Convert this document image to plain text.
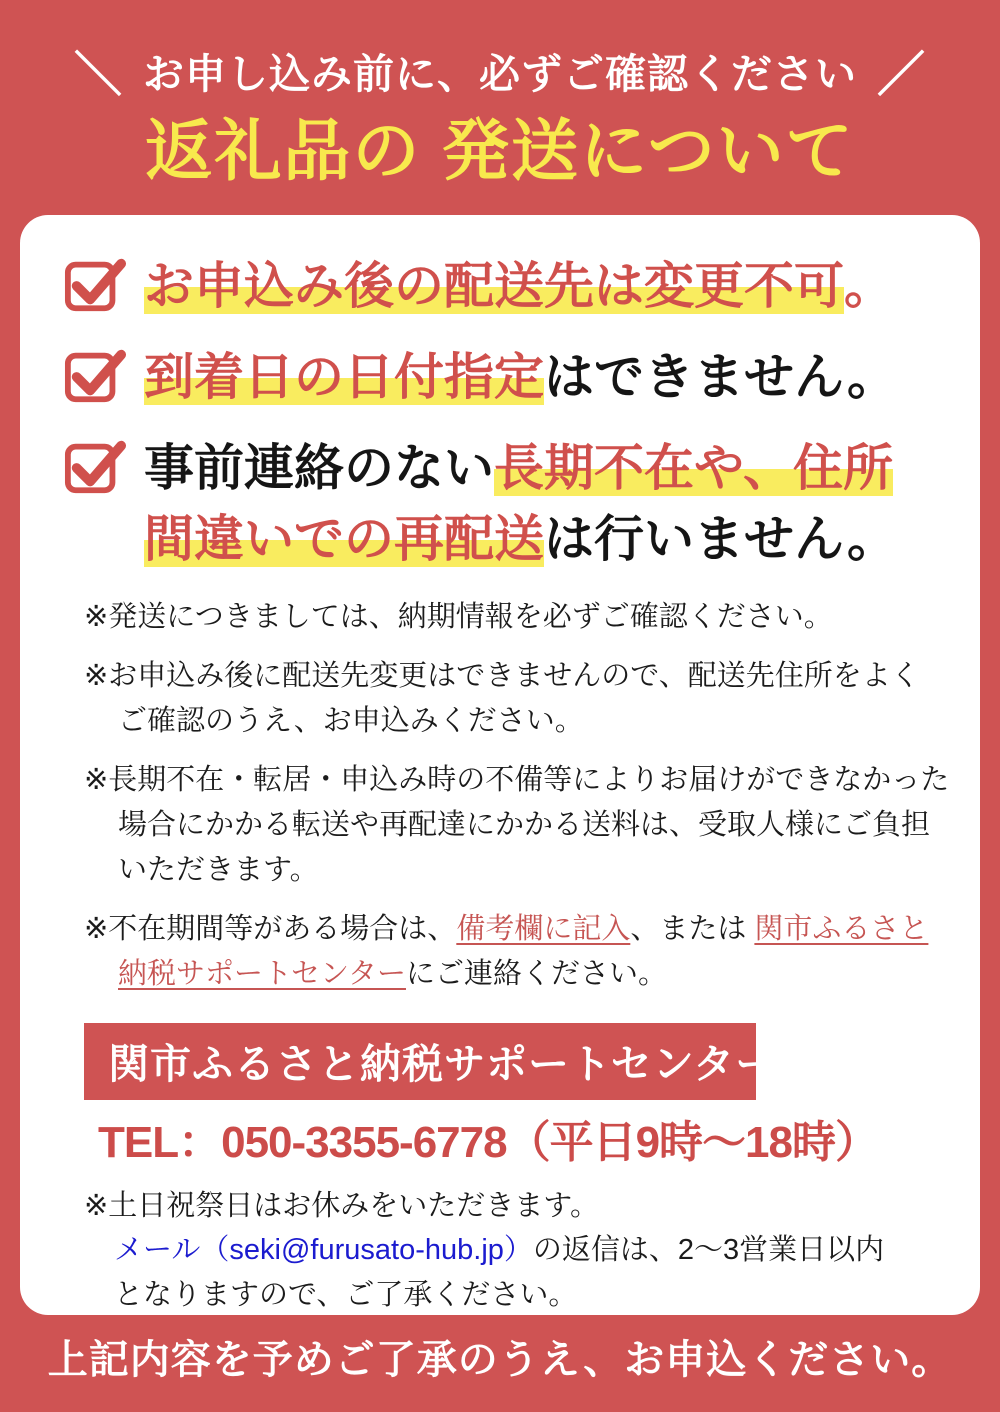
＼ お申し込み前に、必ずご確認ください ／
返礼品の 発送について
お申込み後の配送先は変更不可。
到着日の日付指定はできません。
事前連絡のない長期不在や、住所
間違いでの再配送は行いません。
※発送につきましては、納期情報を必ずご確認ください。
※お申込み後に配送先変更はできませんので、配送先住所をよく
ご確認のうえ、お申込みください。
※長期不在・転居・申込み時の不備等によりお届けができなかった
場合にかかる転送や再配達にかかる送料は、受取人様にご負担
いただきます。
※不在期間等がある場合は、備考欄に記入、または 関市ふるさと
納税サポートセンターにご連絡ください。
関市ふるさと納税サポートセンター
TEL：050-3355-6778（平日9時～18時）
※土日祝祭日はお休みをいただきます。
メール（seki@furusato-hub.jp）の返信は、2～3営業日以内
となりますので、ご了承ください。
上記内容を予めご了承のうえ、お申込ください。
